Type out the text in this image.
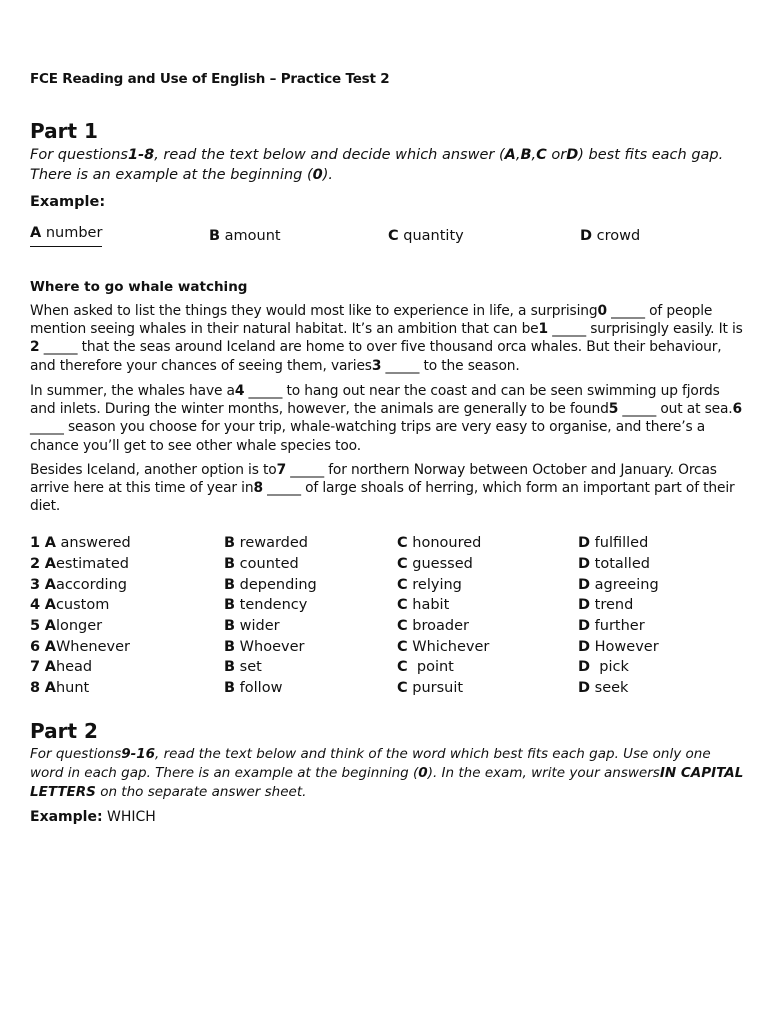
FCE Reading and Use of English – Practice Test 2
Part 1
For questions1-8, read the text below and decide which answer (A,B,C orD) best fits each gap. There is an example at the beginning (0).
Example:
A number	B amount	C quantity	D crowd
Where to go whale watching
When asked to list the things they would most like to experience in life, a surprising0 _____ of people mention seeing whales in their natural habitat. It’s an ambition that can be1 _____ surprisingly easily. It is 2 _____ that the seas around Iceland are home to over five thousand orca whales. But their behaviour, and therefore your chances of seeing them, varies3 _____ to the season.
In summer, the whales have a4 _____ to hang out near the coast and can be seen swimming up fjords and inlets. During the winter months, however, the animals are generally to be found5 _____ out at sea.6 _____ season you choose for your trip, whale-watching trips are very easy to organise, and there’s a chance you’ll get to see other whale species too.
Besides Iceland, another option is to7 _____ for northern Norway between October and January. Orcas arrive here at this time of year in8 _____ of large shoals of herring, which form an important part of their diet.
1 A answered	B rewarded	C honoured	D fulfilled
2 Aestimated	B counted	C guessed	D totalled
3 Aaccording	B depending	C relying	D agreeing
4 Acustom	B tendency	C habit	D trend
5 Alonger	B wider	C broader	D further
6 AWhenever	B Whoever	C Whichever	D However
7 Ahead	B set	C  point	D  pick
8 Ahunt	B follow	C pursuit	D seek
Part 2
For questions9-16, read the text below and think of the word which best fits each gap. Use only one word in each gap. There is an example at the beginning (0). In the exam, write your answersIN CAPITAL LETTERS on tho separate answer sheet.
Example: WHICH
